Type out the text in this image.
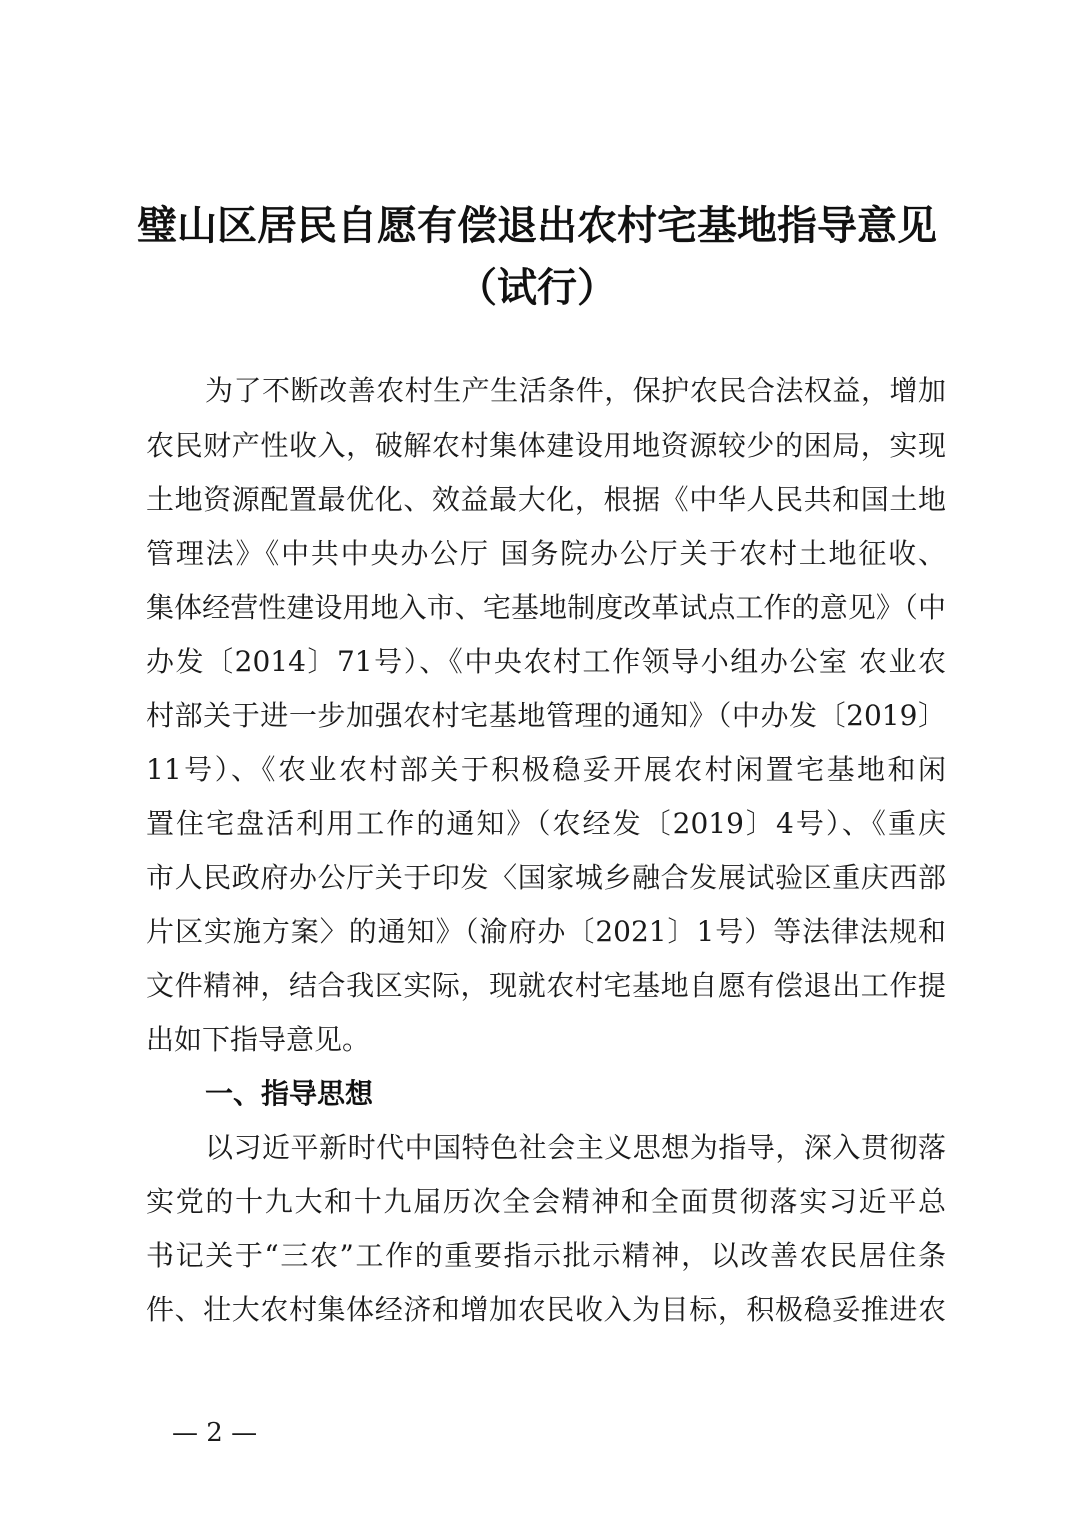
璧山区居民自愿有偿退出农村宅基地指导意见
（试行）
为了不断改善农村生产生活条件，保护农民合法权益，增加
农民财产性收入，破解农村集体建设用地资源较少的困局，实现
土地资源配置最优化、效益最大化，根据《中华人民共和国土地
管理法》《中共中央办公厅 国务院办公厅关于农村土地征收、
集体经营性建设用地入市、宅基地制度改革试点工作的意见》（中
办发〔2014〕71号）、《中央农村工作领导小组办公室 农业农
村部关于进一步加强农村宅基地管理的通知》（中办发〔2019〕
11号）、《农业农村部关于积极稳妥开展农村闲置宅基地和闲
置住宅盘活利用工作的通知》（农经发〔2019〕4号）、《重庆
市人民政府办公厅关于印发〈国家城乡融合发展试验区重庆西部
片区实施方案〉的通知》（渝府办〔2021〕1号）等法律法规和
文件精神，结合我区实际，现就农村宅基地自愿有偿退出工作提
出如下指导意见。
一、指导思想
以习近平新时代中国特色社会主义思想为指导，深入贯彻落
实党的十九大和十九届历次全会精神和全面贯彻落实习近平总
书记关于“三农”工作的重要指示批示精神，以改善农民居住条
件、壮大农村集体经济和增加农民收入为目标，积极稳妥推进农
— 2 —
